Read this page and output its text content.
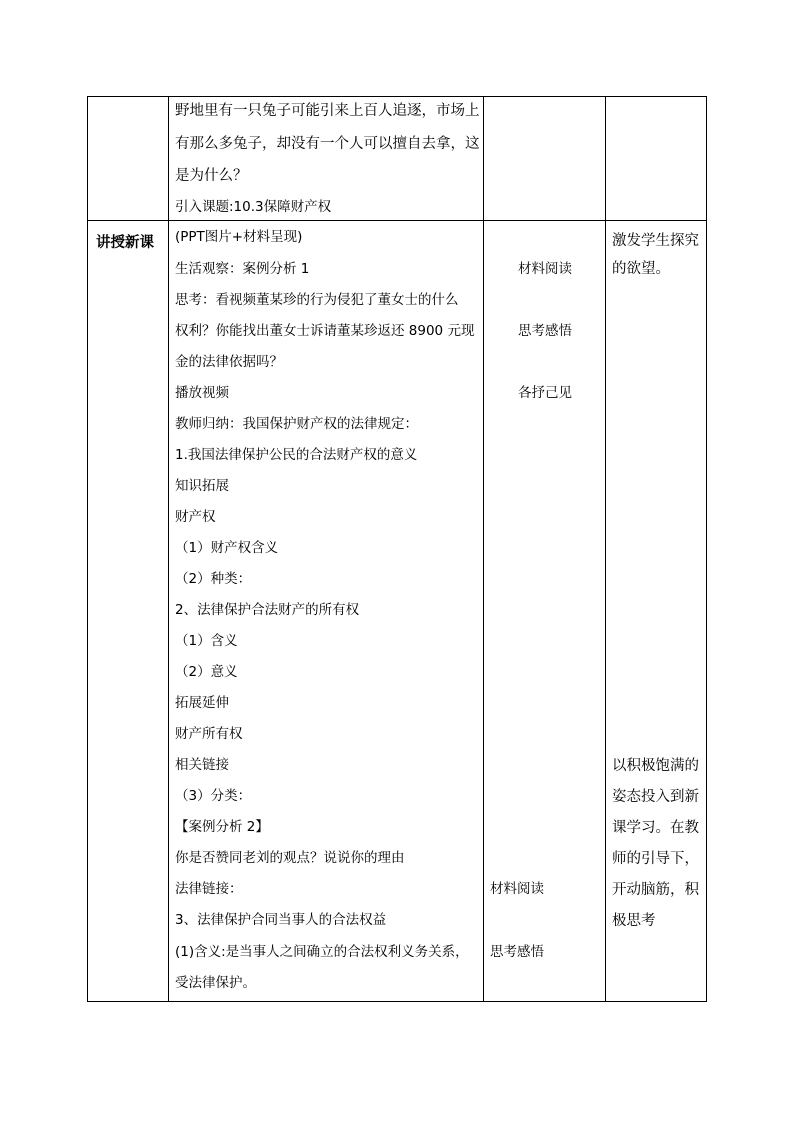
野地里有一只兔子可能引来上百人追逐，市场上
有那么多兔子，却没有一个人可以擅自去拿，这
是为什么？
引入课题:10.3保障财产权
讲授新课 (PPT图片+材料呈现)
生活观察：案例分析 1
思考：看视频董某珍的行为侵犯了董女士的什么
权利？你能找出董女士诉请董某珍返还 8900 元现
金的法律依据吗？
播放视频
教师归纳：我国保护财产权的法律规定：
1.我国法律保护公民的合法财产权的意义
知识拓展
财产权
（1）财产权含义
（2）种类：
2、法律保护合法财产的所有权
（1）含义
（2）意义
拓展延伸
财产所有权
相关链接
（3）分类：
【案例分析 2】
你是否赞同老刘的观点？说说你的理由
法律链接：
3、法律保护合同当事人的合法权益
(1)含义:是当事人之间确立的合法权利义务关系，
受法律保护。
材料阅读
思考感悟
各抒己见
材料阅读
思考感悟
激发学生探究
的欲望。
以积极饱满的
姿态投入到新
课学习。在教
师的引导下，
开动脑筋，积
极思考
